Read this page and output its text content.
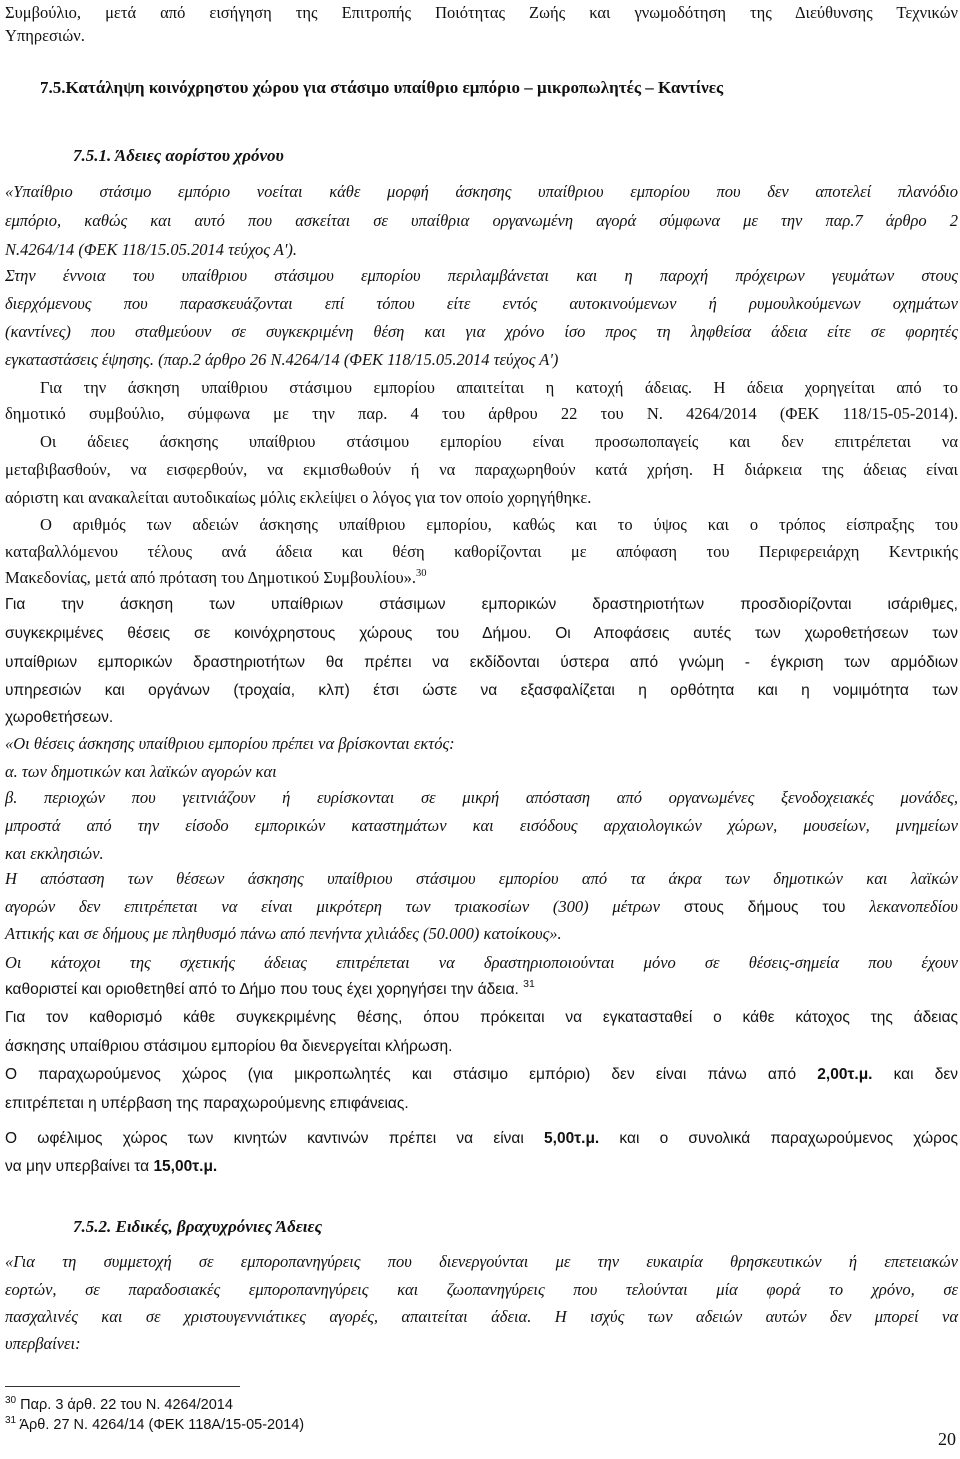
Συμβούλιο, μετά από εισήγηση της Επιτροπής Ποιότητας Ζωής και γνωμοδότηση της Διεύθυνσης Τεχνικών
Υπηρεσιών.
7.5.Κατάληψη κοινόχρηστου χώρου για στάσιμο υπαίθριο εμπόριο – μικροπωλητές – Καντίνες
7.5.1. Άδειες αορίστου χρόνου
«Υπαίθριο στάσιμο εμπόριο νοείται κάθε μορφή άσκησης υπαίθριου εμπορίου που δεν αποτελεί πλανόδιο
εμπόριο, καθώς και αυτό που ασκείται σε υπαίθρια οργανωμένη αγορά σύμφωνα με την παρ.7 άρθρο 2
Ν.4264/14 (ΦΕΚ 118/15.05.2014 τεύχος Α').
Στην έννοια του υπαίθριου στάσιμου εμπορίου περιλαμβάνεται και η παροχή πρόχειρων γευμάτων στους
διερχόμενους που παρασκευάζονται επί τόπου είτε εντός αυτοκινούμενων ή ρυμουλκούμενων οχημάτων
(καντίνες) που σταθμεύουν σε συγκεκριμένη θέση και για χρόνο ίσο προς τη ληφθείσα άδεια είτε σε φορητές
εγκαταστάσεις έψησης. (παρ.2 άρθρο 26 Ν.4264/14 (ΦΕΚ 118/15.05.2014 τεύχος Α')
Για την άσκηση υπαίθριου στάσιμου εμπορίου απαιτείται η κατοχή άδειας. Η άδεια χορηγείται από το
δημοτικό συμβούλιο, σύμφωνα με την παρ. 4 του άρθρου 22 του Ν. 4264/2014 (ΦΕΚ 118/15-05-2014).
Οι άδειες άσκησης υπαίθριου στάσιμου εμπορίου είναι προσωποπαγείς και δεν επιτρέπεται να
μεταβιβασθούν, να εισφερθούν, να εκμισθωθούν ή να παραχωρηθούν κατά χρήση. Η διάρκεια της άδειας είναι
αόριστη και ανακαλείται αυτοδικαίως μόλις εκλείψει ο λόγος για τον οποίο χορηγήθηκε.
Ο αριθμός των αδειών άσκησης υπαίθριου εμπορίου, καθώς και το ύψος και ο τρόπος είσπραξης του
καταβαλλόμενου τέλους ανά άδεια και θέση καθορίζονται με απόφαση του Περιφερειάρχη Κεντρικής
Μακεδονίας, μετά από πρόταση του Δημοτικού Συμβουλίου».$^{30}$
Για την άσκηση των υπαίθριων στάσιμων εμπορικών δραστηριοτήτων προσδιορίζονται ισάριθμες,
συγκεκριμένες θέσεις σε κοινόχρηστους χώρους του Δήμου. Οι Αποφάσεις αυτές των χωροθετήσεων των
υπαίθριων εμπορικών δραστηριοτήτων θα πρέπει να εκδίδονται ύστερα από γνώμη - έγκριση των αρμόδιων
υπηρεσιών και οργάνων (τροχαία, κλπ) έτσι ώστε να εξασφαλίζεται η ορθότητα και η νομιμότητα των
χωροθετήσεων.
«Οι θέσεις άσκησης υπαίθριου εμπορίου πρέπει να βρίσκονται εκτός:
α. των δημοτικών και λαϊκών αγορών και
β. περιοχών που γειτνιάζουν ή ευρίσκονται σε μικρή απόσταση από οργανωμένες ξενοδοχειακές μονάδες,
μπροστά από την είσοδο εμπορικών καταστημάτων και εισόδους αρχαιολογικών χώρων, μουσείων, μνημείων
και εκκλησιών.
Η απόσταση των θέσεων άσκησης υπαίθριου στάσιμου εμπορίου από τα άκρα των δημοτικών και λαϊκών
αγορών δεν επιτρέπεται να είναι μικρότερη των τριακοσίων (300) μέτρων στους δήμους του λεκανοπεδίου
Αττικής και σε δήμους με πληθυσμό πάνω από πενήντα χιλιάδες (50.000) κατοίκους».
Οι κάτοχοι της σχετικής άδειας επιτρέπεται να δραστηριοποιούνται μόνο σε θέσεις-σημεία που έχουν
καθοριστεί και οριοθετηθεί από το Δήμο που τους έχει χορηγήσει την άδεια. $^{31}$
Για τον καθορισμό κάθε συγκεκριμένης θέσης, όπου πρόκειται να εγκατασταθεί ο κάθε κάτοχος της άδειας
άσκησης υπαίθριου στάσιμου εμπορίου θα διενεργείται κλήρωση.
Ο παραχωρούμενος χώρος (για μικροπωλητές και στάσιμο εμπόριο) δεν είναι πάνω από 2,00τ.μ. και δεν
επιτρέπεται η υπέρβαση της παραχωρούμενης επιφάνειας.
Ο ωφέλιμος χώρος των κινητών καντινών πρέπει να είναι 5,00τ.μ. και ο συνολικά παραχωρούμενος χώρος
να μην υπερβαίνει τα 15,00τ.μ.
7.5.2. Ειδικές, βραχυχρόνιες Άδειες
«Για τη συμμετοχή σε εμποροπανηγύρεις που διενεργούνται με την ευκαιρία θρησκευτικών ή επετειακών
εορτών, σε παραδοσιακές εμποροπανηγύρεις και ζωοπανηγύρεις που τελούνται μία φορά το χρόνο, σε
πασχαλινές και σε χριστουγεννιάτικες αγορές, απαιτείται άδεια. Η ισχύς των αδειών αυτών δεν μπορεί να
υπερβαίνει:
$^{30}$ Παρ. 3 άρθ. 22 του Ν. 4264/2014
$^{31}$ Άρθ. 27 Ν. 4264/14 (ΦΕΚ 118Α/15-05-2014)
20
